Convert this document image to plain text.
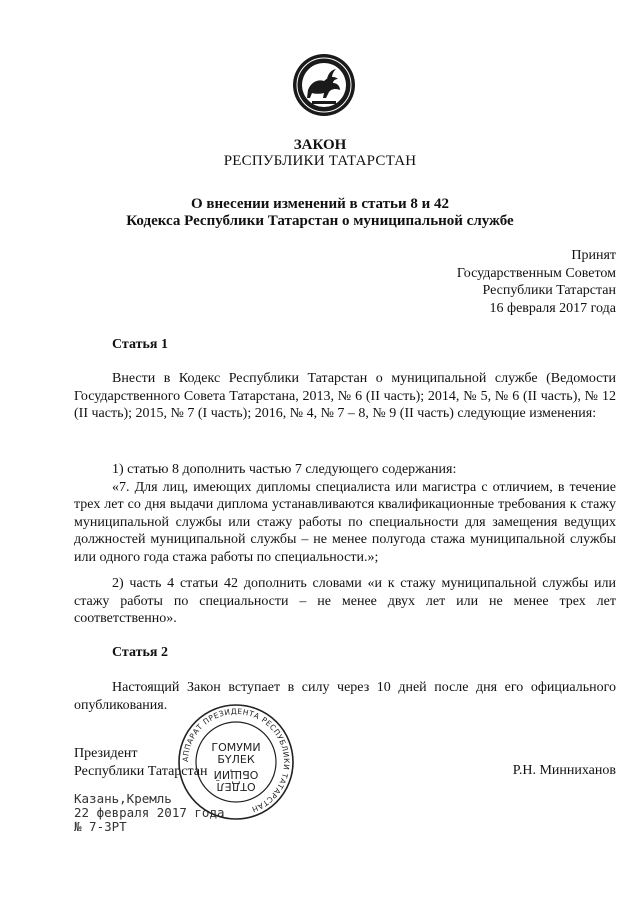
ЗАКОН
РЕСПУБЛИКИ ТАТАРСТАН
О внесении изменений в статьи 8 и 42
Кодекса Республики Татарстан о муниципальной службе
Принят
Государственным Советом
Республики Татарстан
16 февраля 2017 года
Статья 1
Внести в Кодекс Республики Татарстан о муниципальной службе (Ведомости Государственного Совета Татарстана, 2013, № 6 (II часть); 2014, № 5, № 6 (II часть), № 12 (II часть); 2015, № 7 (I часть); 2016, № 4, № 7 – 8, № 9 (II часть) следующие изменения:
1) статью 8 дополнить частью 7 следующего содержания:
«7. Для лиц, имеющих дипломы специалиста или магистра с отличием, в течение трех лет со дня выдачи диплома устанавливаются квалификационные требования к стажу муниципальной службы или стажу работы по специальности для замещения ведущих должностей муниципальной службы – не менее полугода стажа муниципальной службы или одного года стажа работы по специальности.»;
2) часть 4 статьи 42 дополнить словами «и к стажу муниципальной службы или стажу работы по специальности – не менее двух лет или не менее трех лет соответственно».
Статья 2
Настоящий Закон вступает в силу через 10 дней после дня его официального опубликования.
Президент
Республики Татарстан	Р.Н. Минниханов
Казань,Кремль
22 февраля 2017 года
№ 7-ЗРТ
АППАРАТ ПРЕЗИДЕНТА РЕСПУБЛИКИ ТАТАРСТАН
ГОМУМИ
БҮЛЕК
ОТДЕЛ
ОБЩИЙ
